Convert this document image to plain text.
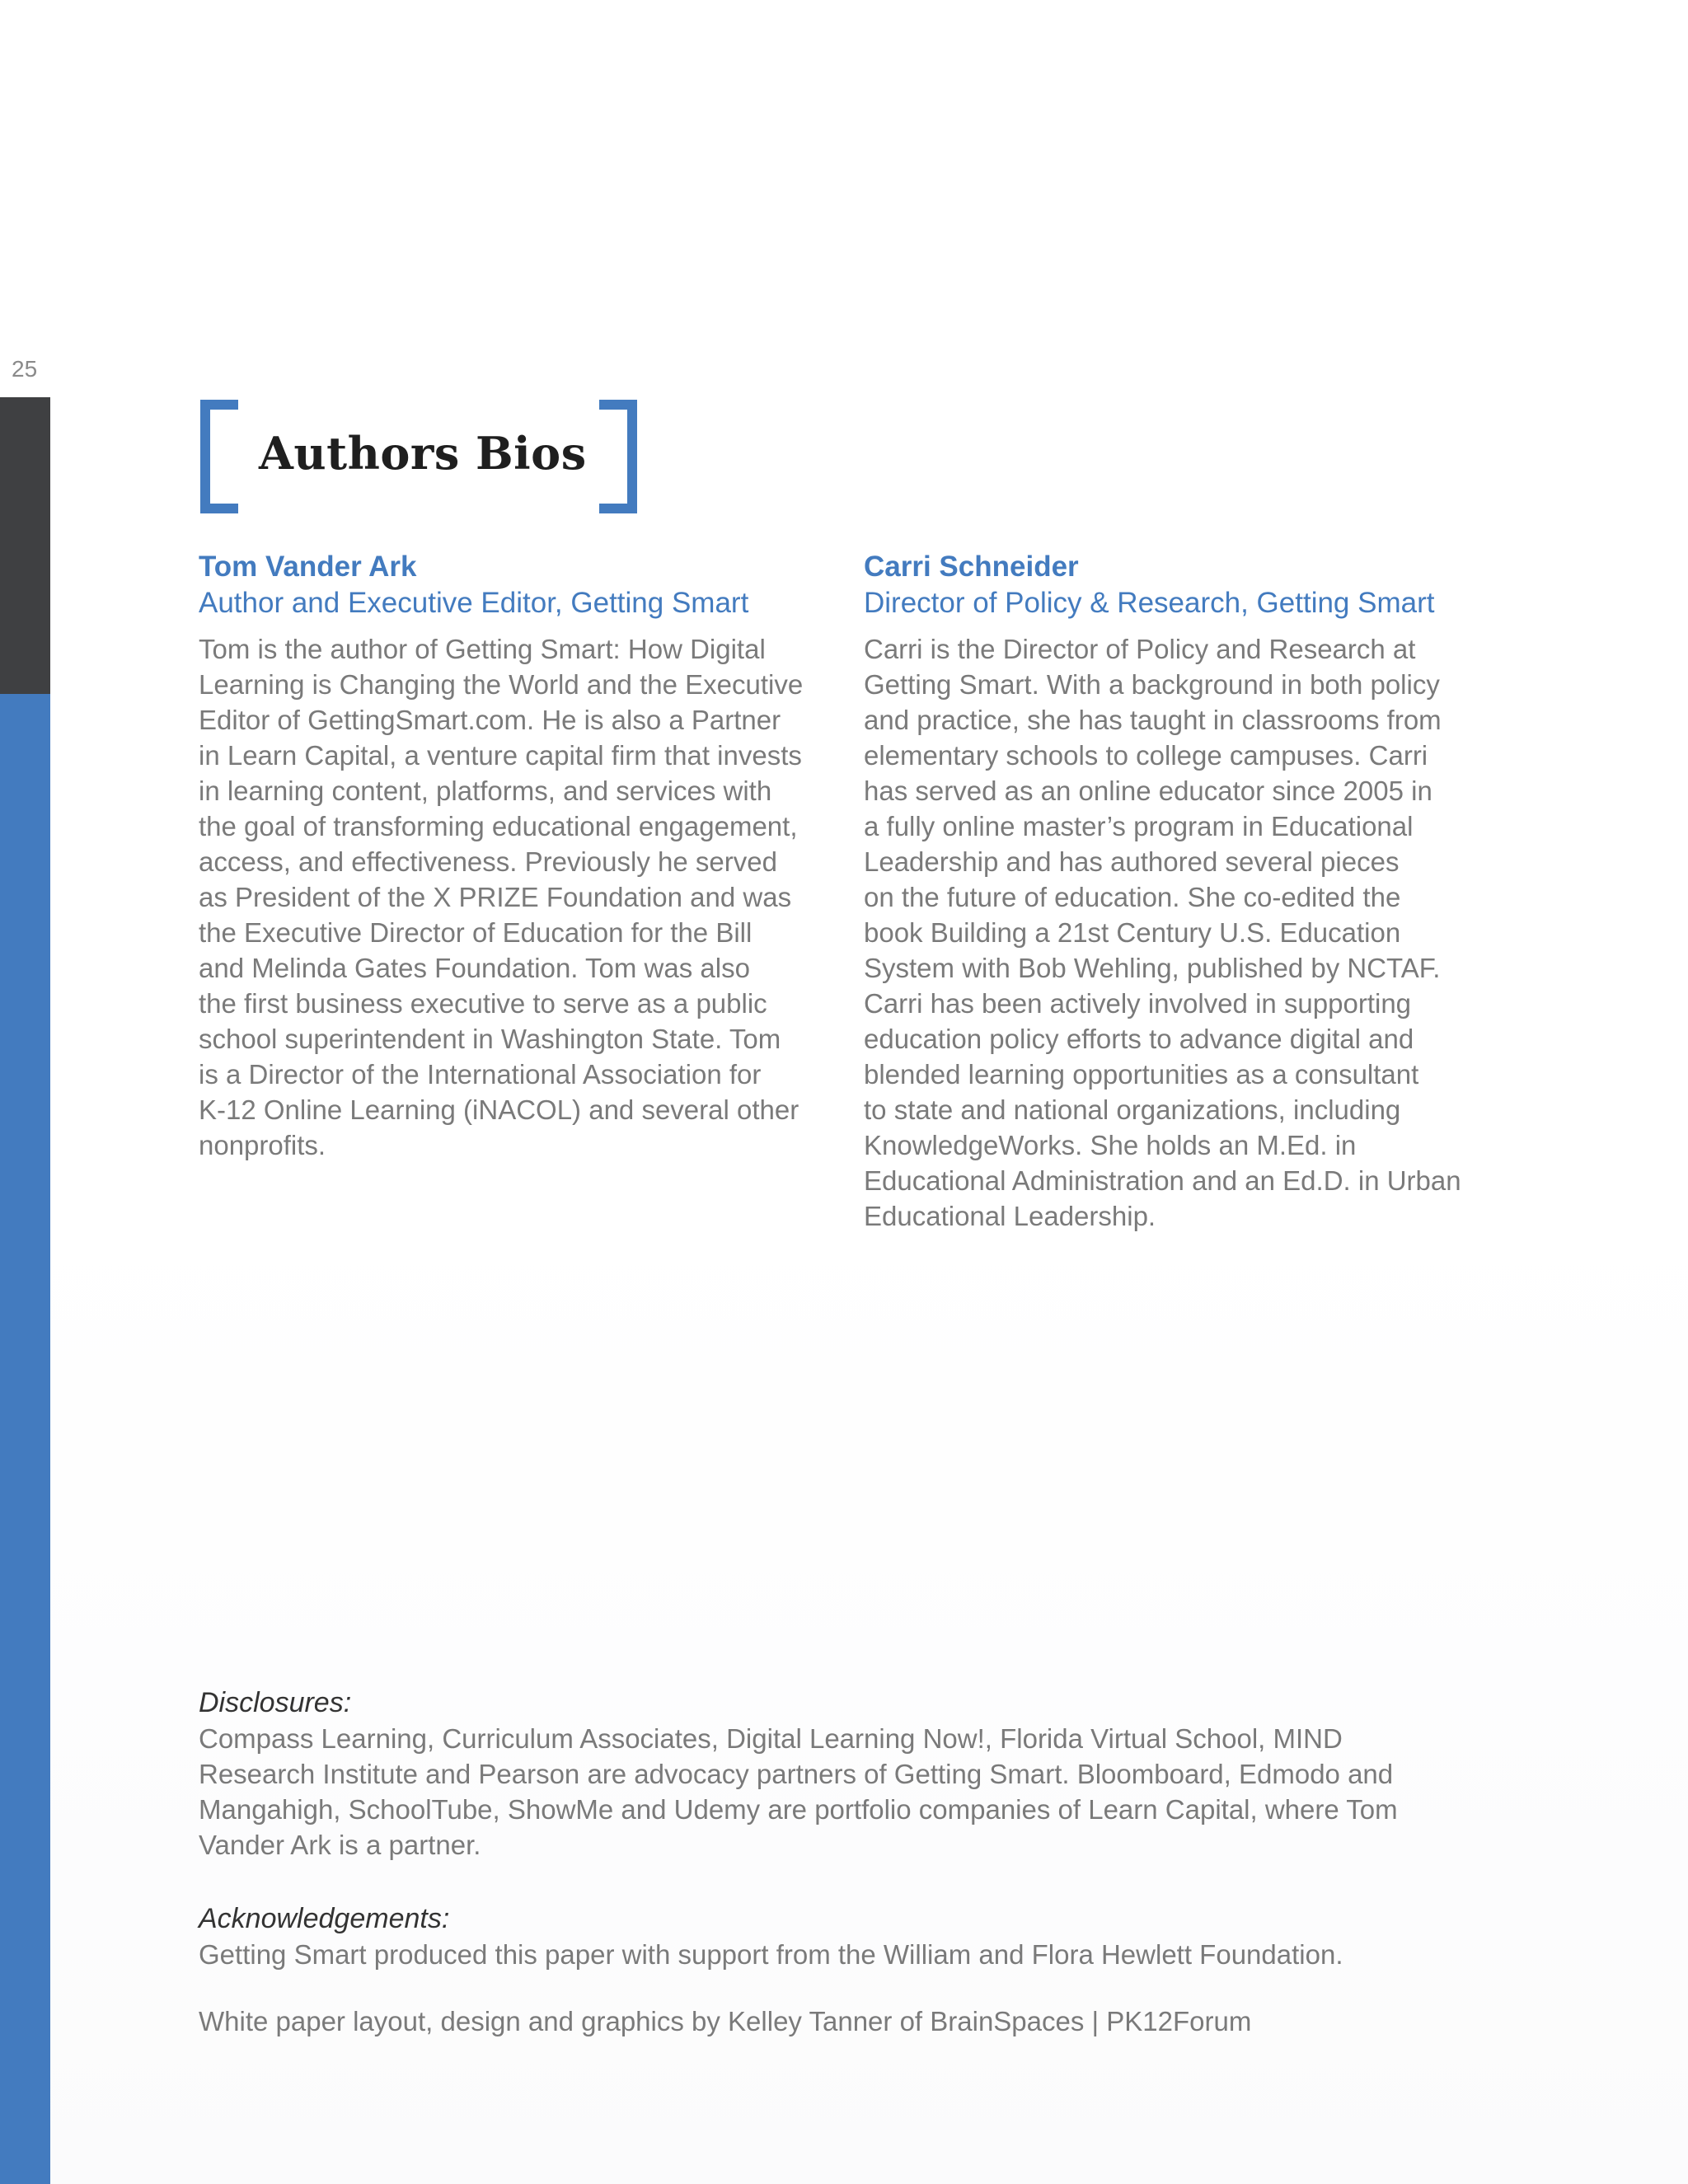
25
Authors Bios

Tom Vander Ark

Author and Executive Editor, Getting Smart

Tom is the author of Getting Smart: How Digital
Learning is Changing the World and the Executive
Editor of GettingSmart.com. He is also a Partner
in Learn Capital, a venture capital firm that invests
in learning content, platforms, and services with
the goal of transforming educational engagement,
access, and effectiveness. Previously he served
as President of the X PRIZE Foundation and was
the Executive Director of Education for the Bill
and Melinda Gates Foundation. Tom was also
the first business executive to serve as a public
school superintendent in Washington State. Tom
is a Director of the International Association for
K-12 Online Learning (iNACOL) and several other
nonprofits.

Carri Schneider

Director of Policy & Research, Getting Smart

Carri is the Director of Policy and Research at
Getting Smart. With a background in both policy
and practice, she has taught in classrooms from
elementary schools to college campuses. Carri
has served as an online educator since 2005 in
a fully online master’s program in Educational
Leadership and has authored several pieces
on the future of education. She co-edited the
book Building a 21st Century U.S. Education
System with Bob Wehling, published by NCTAF.
Carri has been actively involved in supporting
education policy efforts to advance digital and
blended learning opportunities as a consultant
to state and national organizations, including
KnowledgeWorks. She holds an M.Ed. in
Educational Administration and an Ed.D. in Urban
Educational Leadership.

Disclosures:

Compass Learning, Curriculum Associates, Digital Learning Now!, Florida Virtual School, MIND
Research Institute and Pearson are advocacy partners of Getting Smart. Bloomboard, Edmodo and
Mangahigh, SchoolTube, ShowMe and Udemy are portfolio companies of Learn Capital, where Tom
Vander Ark is a partner.

Acknowledgements:

Getting Smart produced this paper with support from the William and Flora Hewlett Foundation.

White paper layout, design and graphics by Kelley Tanner of BrainSpaces | PK12Forum
